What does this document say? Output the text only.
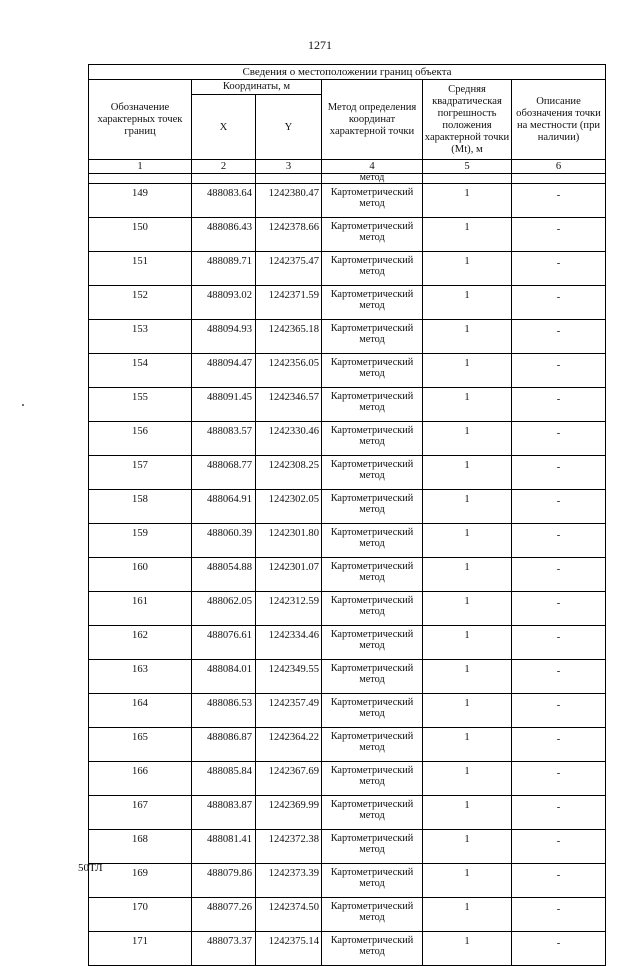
1271
Сведения о местоположении границ объекта					
Обозначение характерных точек границ	Координаты, м		Метод определения координат характерной точки	Средняя квадратическая погрешность положения характерной точки (Mt), м	Описание обозначения точки на местности (при наличии)
	X	Y			
1	2	3	4	5	6
			метод		
149	488083.64	1242380.47	Картометрический метод	1	-
150	488086.43	1242378.66	Картометрический метод	1	-
151	488089.71	1242375.47	Картометрический метод	1	-
152	488093.02	1242371.59	Картометрический метод	1	-
153	488094.93	1242365.18	Картометрический метод	1	-
154	488094.47	1242356.05	Картометрический метод	1	-
155	488091.45	1242346.57	Картометрический метод	1	-
156	488083.57	1242330.46	Картометрический метод	1	-
157	488068.77	1242308.25	Картометрический метод	1	-
158	488064.91	1242302.05	Картометрический метод	1	-
159	488060.39	1242301.80	Картометрический метод	1	-
160	488054.88	1242301.07	Картометрический метод	1	-
161	488062.05	1242312.59	Картометрический метод	1	-
162	488076.61	1242334.46	Картометрический метод	1	-
163	488084.01	1242349.55	Картометрический метод	1	-
164	488086.53	1242357.49	Картометрический метод	1	-
165	488086.87	1242364.22	Картометрический метод	1	-
166	488085.84	1242367.69	Картометрический метод	1	-
167	488083.87	1242369.99	Картометрический метод	1	-
168	488081.41	1242372.38	Картометрический метод	1	-
169	488079.86	1242373.39	Картометрический метод	1	-
170	488077.26	1242374.50	Картометрический метод	1	-
171	488073.37	1242375.14	Картометрический метод	1	-
50ТЛ
